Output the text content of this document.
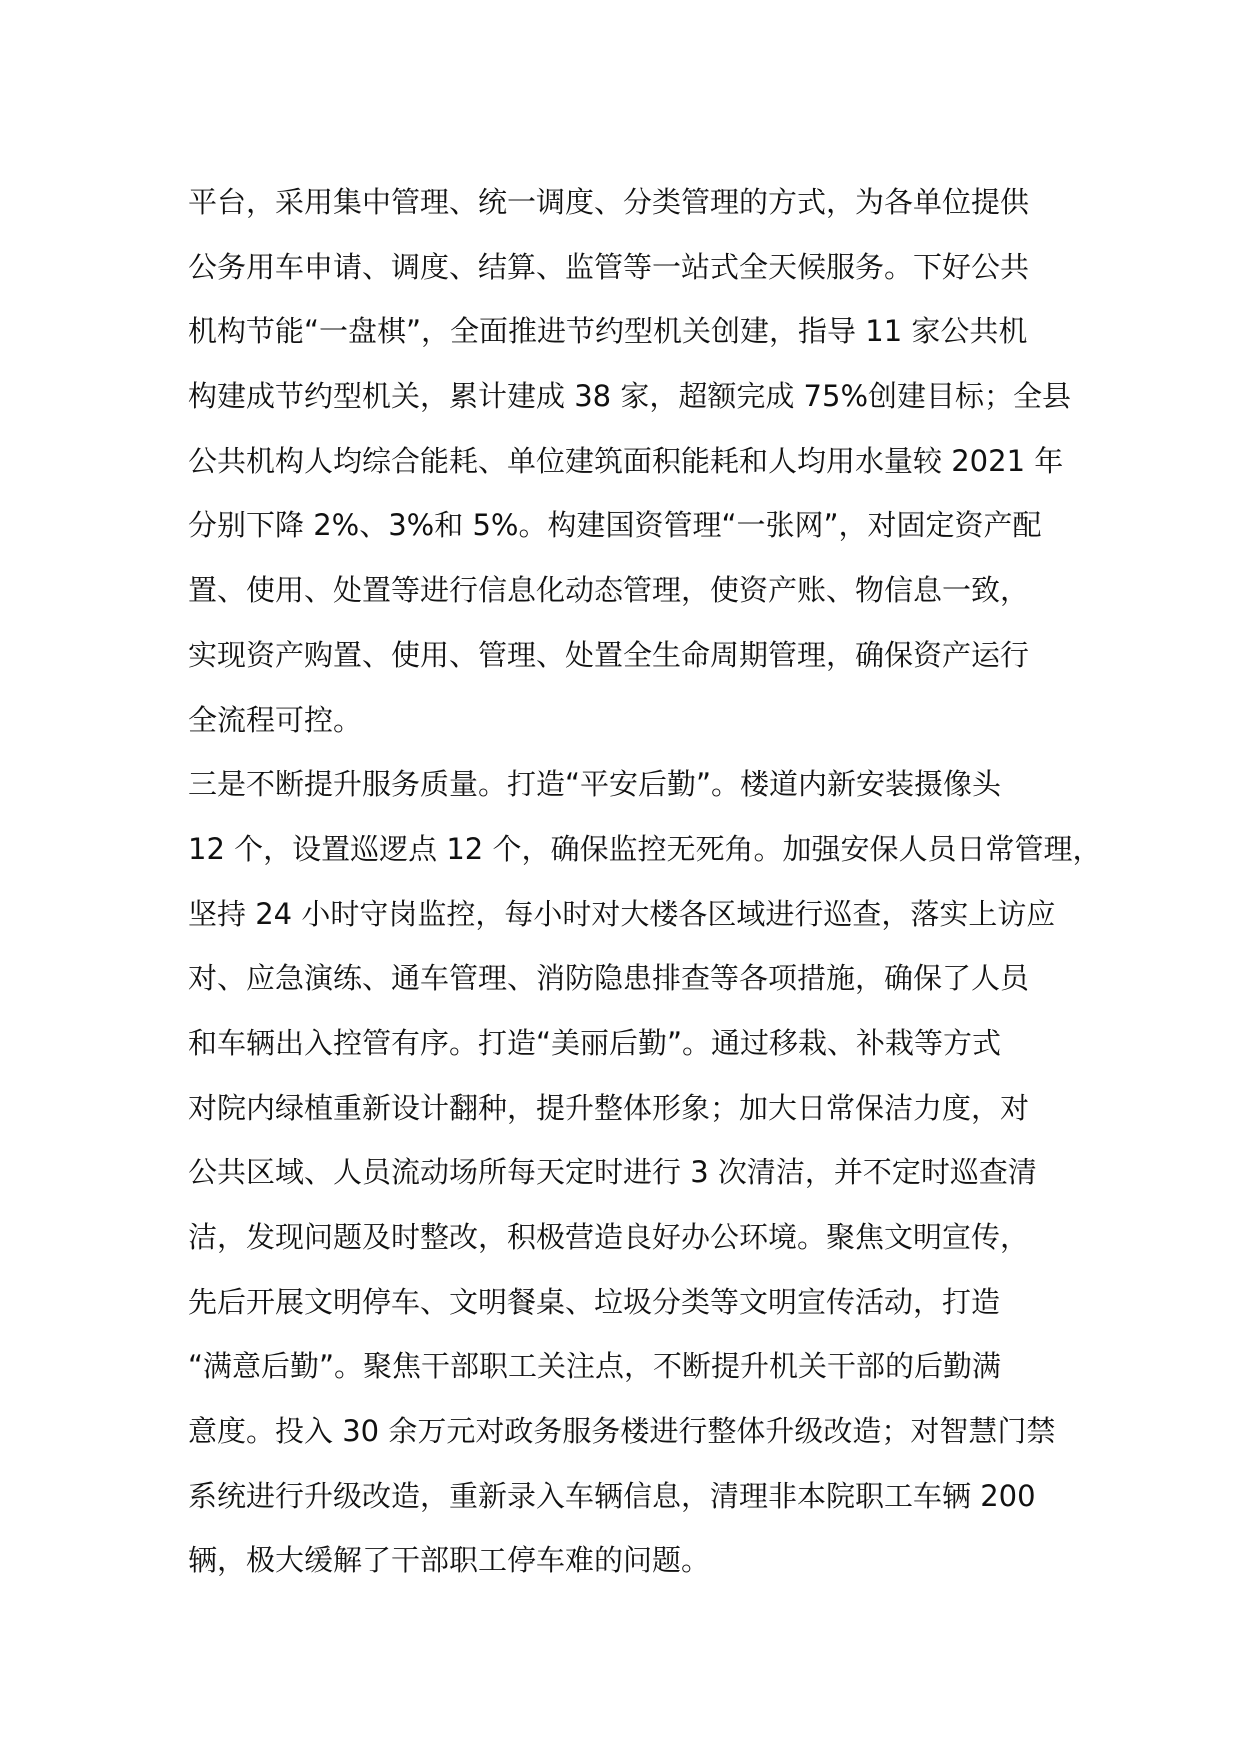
平台，采用集中管理、统一调度、分类管理的方式，为各单位提供
公务用车申请、调度、结算、监管等一站式全天候服务。下好公共
机构节能“一盘棋”，全面推进节约型机关创建，指导 11 家公共机
构建成节约型机关，累计建成 38 家，超额完成 75%创建目标；全县
公共机构人均综合能耗、单位建筑面积能耗和人均用水量较 2021 年
分别下降 2%、3%和 5%。构建国资管理“一张网”，对固定资产配
置、使用、处置等进行信息化动态管理，使资产账、物信息一致，
实现资产购置、使用、管理、处置全生命周期管理，确保资产运行
全流程可控。
三是不断提升服务质量。打造“平安后勤”。楼道内新安装摄像头
12 个，设置巡逻点 12 个，确保监控无死角。加强安保人员日常管理，
坚持 24 小时守岗监控，每小时对大楼各区域进行巡查，落实上访应
对、应急演练、通车管理、消防隐患排查等各项措施，确保了人员
和车辆出入控管有序。打造“美丽后勤”。通过移栽、补栽等方式
对院内绿植重新设计翻种，提升整体形象；加大日常保洁力度，对
公共区域、人员流动场所每天定时进行 3 次清洁，并不定时巡查清
洁，发现问题及时整改，积极营造良好办公环境。聚焦文明宣传，
先后开展文明停车、文明餐桌、垃圾分类等文明宣传活动，打造
“满意后勤”。聚焦干部职工关注点，不断提升机关干部的后勤满
意度。投入 30 余万元对政务服务楼进行整体升级改造；对智慧门禁
系统进行升级改造，重新录入车辆信息，清理非本院职工车辆 200
辆，极大缓解了干部职工停车难的问题。
